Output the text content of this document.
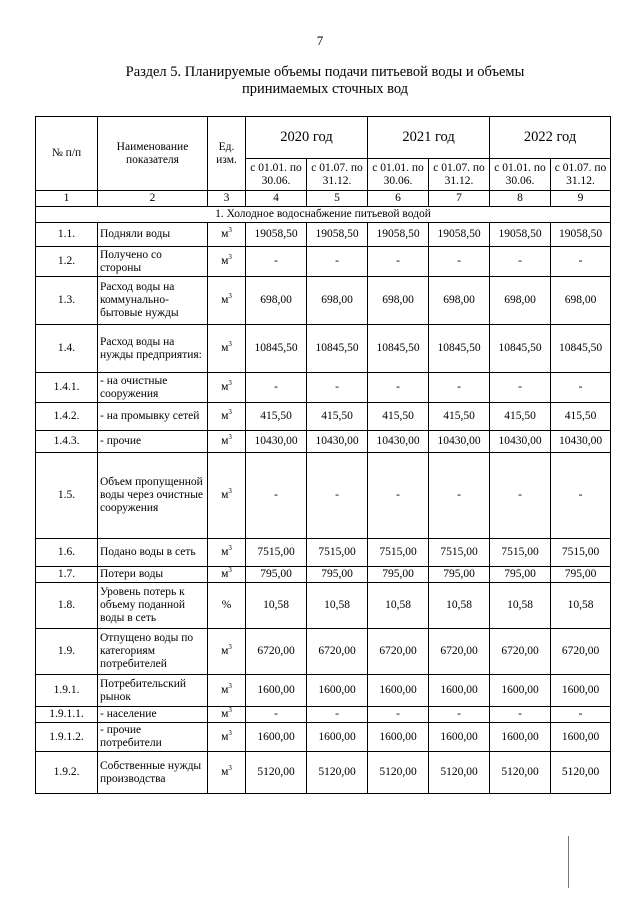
7
Раздел 5. Планируемые объемы подачи питьевой воды и объемы
принимаемых сточных вод
№ п/п	Наименование показателя	Ед. изм.	2020 год		2021 год		2022 год	
			с 01.01. по 30.06.	с 01.07. по 31.12.	с 01.01. по 30.06.	с 01.07. по 31.12.	с 01.01. по 30.06.	с 01.07. по 31.12.
1	2	3	4	5	6	7	8	9
1. Холодное водоснабжение питьевой водой								
1.1.	Подняли воды	$м^3$	19058,50	19058,50	19058,50	19058,50	19058,50	19058,50
1.2.	Получено со стороны	$м^3$	-	-	-	-	-	-
1.3.	Расход воды на коммунально-бытовые нужды	$м^3$	698,00	698,00	698,00	698,00	698,00	698,00
1.4.	Расход воды на нужды предприятия:	$м^3$	10845,50	10845,50	10845,50	10845,50	10845,50	10845,50
1.4.1.	- на очистные сооружения	$м^3$	-	-	-	-	-	-
1.4.2.	- на промывку сетей	$м^3$	415,50	415,50	415,50	415,50	415,50	415,50
1.4.3.	- прочие	$м^3$	10430,00	10430,00	10430,00	10430,00	10430,00	10430,00
1.5.	Объем пропущенной воды через очистные сооружения	$м^3$	-	-	-	-	-	-
1.6.	Подано воды в сеть	$м^3$	7515,00	7515,00	7515,00	7515,00	7515,00	7515,00
1.7.	Потери воды	$м^3$	795,00	795,00	795,00	795,00	795,00	795,00
1.8.	Уровень потерь к объему поданной воды в сеть	%	10,58	10,58	10,58	10,58	10,58	10,58
1.9.	Отпущено воды по категориям потребителей	$м^3$	6720,00	6720,00	6720,00	6720,00	6720,00	6720,00
1.9.1.	Потребительский рынок	$м^3$	1600,00	1600,00	1600,00	1600,00	1600,00	1600,00
1.9.1.1.	- население	$м^3$	-	-	-	-	-	-
1.9.1.2.	- прочие потребители	$м^3$	1600,00	1600,00	1600,00	1600,00	1600,00	1600,00
1.9.2.	Собственные нужды производства	$м^3$	5120,00	5120,00	5120,00	5120,00	5120,00	5120,00
